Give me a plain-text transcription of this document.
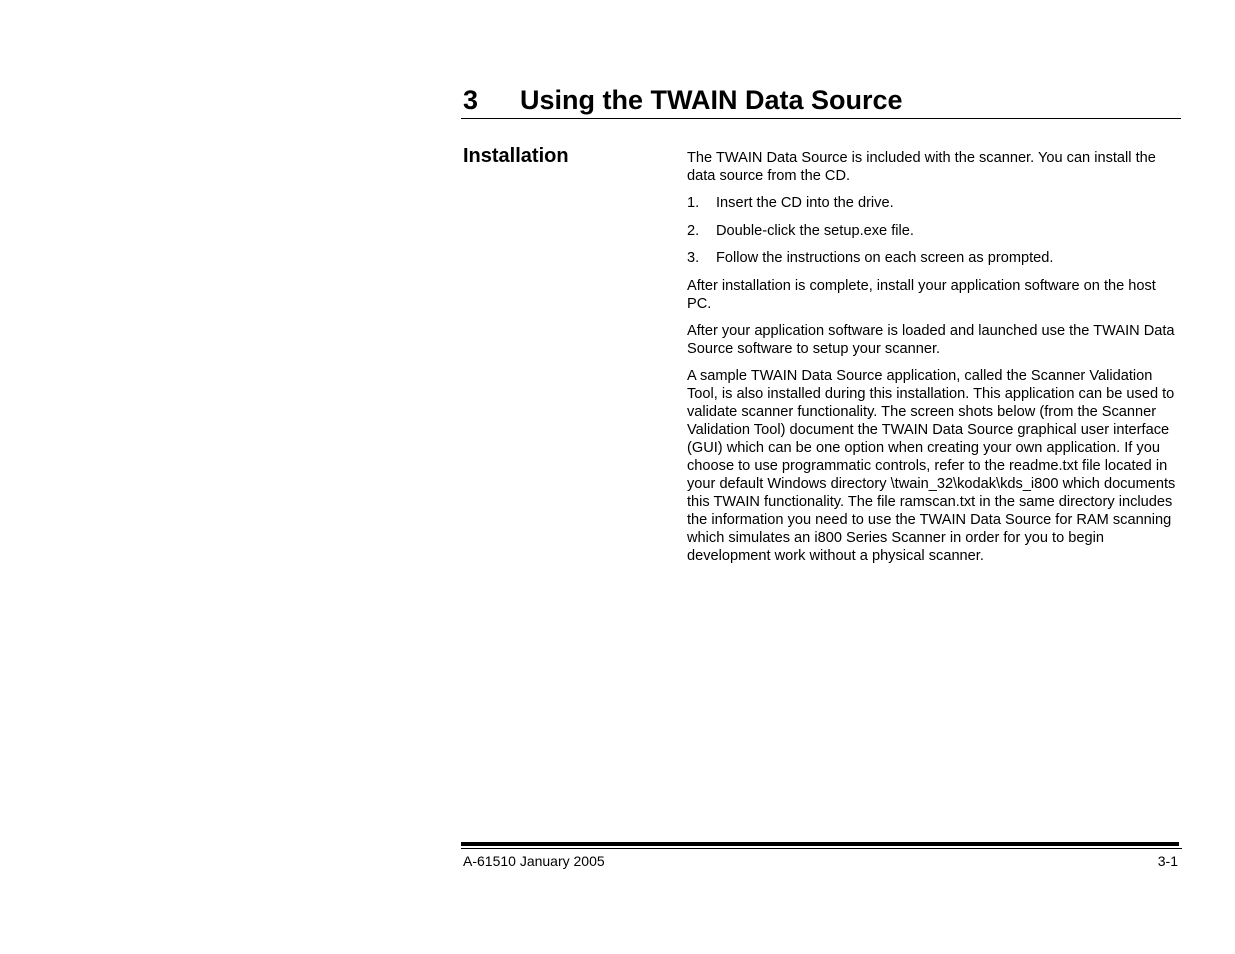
3 Using the TWAIN Data Source
Installation	The TWAIN Data Source is included with the scanner. You can install the data source from the CD.

1.	Insert the CD into the drive.
2.	Double-click the setup.exe file.
3.	Follow the instructions on each screen as prompted.

After installation is complete, install your application software on the host PC.

After your application software is loaded and launched use the TWAIN Data Source software to setup your scanner.

A sample TWAIN Data Source application, called the Scanner Validation Tool, is also installed during this installation. This application can be used to validate scanner functionality. The screen shots below (from the Scanner Validation Tool) document the TWAIN Data Source graphical user interface (GUI) which can be one option when creating your own application. If you choose to use programmatic controls, refer to the readme.txt file located in your default Windows directory \twain_32\kodak\kds_i800 which documents this TWAIN functionality. The file ramscan.txt in the same directory includes the information you need to use the TWAIN Data Source for RAM scanning which simulates an i800 Series Scanner in order for you to begin development work without a physical scanner.

A-61510 January 2005	3-1
